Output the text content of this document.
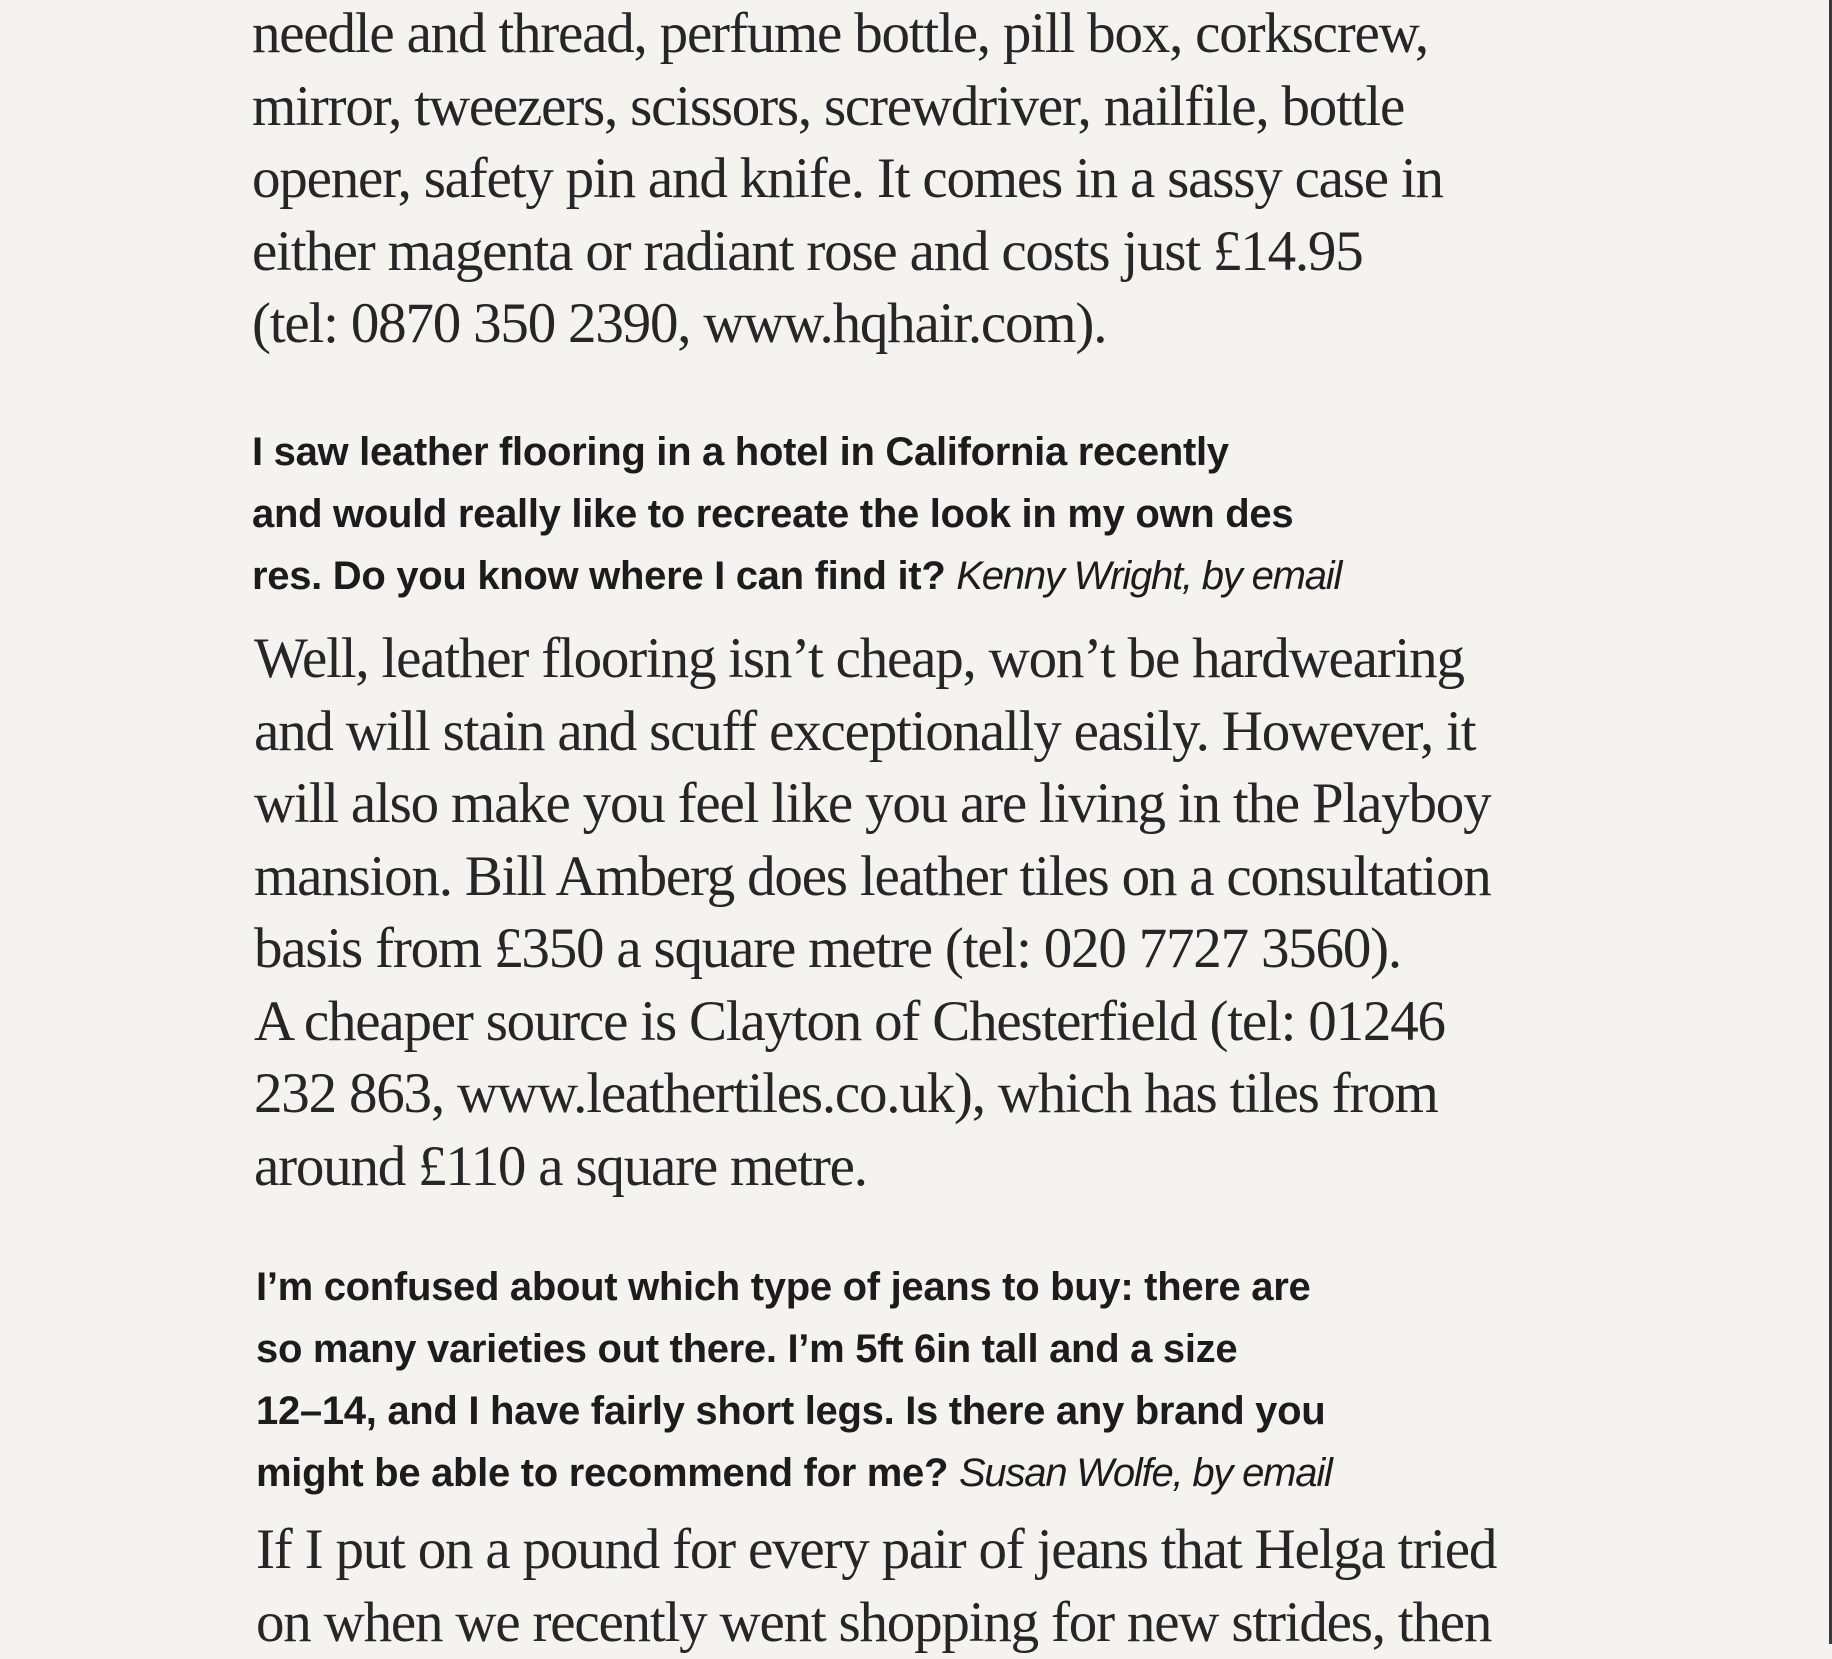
needle and thread, perfume bottle, pill box, corkscrew,
mirror, tweezers, scissors, screwdriver, nailfile, bottle
opener, safety pin and knife. It comes in a sassy case in
either magenta or radiant rose and costs just £14.95
(tel: 0870 350 2390, www.hqhair.com).

I saw leather flooring in a hotel in California recently
and would really like to recreate the look in my own des
res. Do you know where I can find it? Kenny Wright, by email

Well, leather flooring isn’t cheap, won’t be hardwearing
and will stain and scuff exceptionally easily. However, it
will also make you feel like you are living in the Playboy
mansion. Bill Amberg does leather tiles on a consultation
basis from £350 a square metre (tel: 020 7727 3560).
A cheaper source is Clayton of Chesterfield (tel: 01246
232 863, www.leathertiles.co.uk), which has tiles from
around £110 a square metre.

I’m confused about which type of jeans to buy: there are
so many varieties out there. I’m 5ft 6in tall and a size
12–14, and I have fairly short legs. Is there any brand you
might be able to recommend for me? Susan Wolfe, by email

If I put on a pound for every pair of jeans that Helga tried
on when we recently went shopping for new strides, then
